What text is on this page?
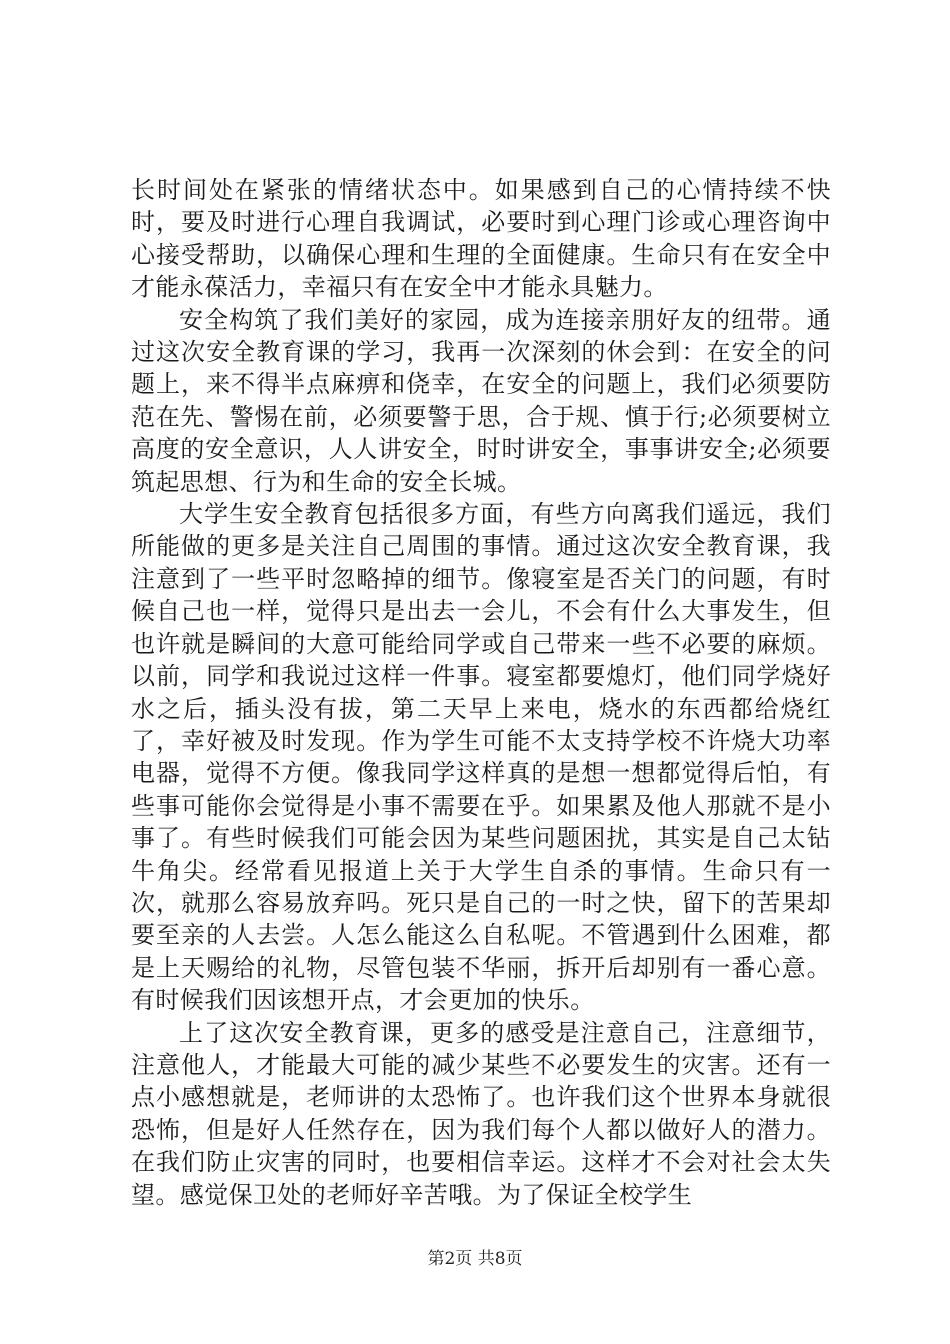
长时间处在紧张的情绪状态中。如果感到自己的心情持续不快时，要及时进行心理自我调试，必要时到心理门诊或心理咨询中心接受帮助，以确保心理和生理的全面健康。生命只有在安全中才能永葆活力，幸福只有在安全中才能永具魅力。

安全构筑了我们美好的家园，成为连接亲朋好友的纽带。通过这次安全教育课的学习，我再一次深刻的休会到：在安全的问题上，来不得半点麻痹和侥幸，在安全的问题上，我们必须要防范在先、警惕在前，必须要警于思，合于规、慎于行;必须要树立高度的安全意识，人人讲安全，时时讲安全，事事讲安全;必须要筑起思想、行为和生命的安全长城。

大学生安全教育包括很多方面，有些方向离我们遥远，我们所能做的更多是关注自己周围的事情。通过这次安全教育课，我注意到了一些平时忽略掉的细节。像寝室是否关门的问题，有时候自己也一样，觉得只是出去一会儿，不会有什么大事发生，但也许就是瞬间的大意可能给同学或自己带来一些不必要的麻烦。以前，同学和我说过这样一件事。寝室都要熄灯，他们同学烧好水之后，插头没有拔，第二天早上来电，烧水的东西都给烧红了，幸好被及时发现。作为学生可能不太支持学校不许烧大功率电器，觉得不方便。像我同学这样真的是想一想都觉得后怕，有些事可能你会觉得是小事不需要在乎。如果累及他人那就不是小事了。有些时候我们可能会因为某些问题困扰，其实是自己太钻牛角尖。经常看见报道上关于大学生自杀的事情。生命只有一次，就那么容易放弃吗。死只是自己的一时之快，留下的苦果却要至亲的人去尝。人怎么能这么自私呢。不管遇到什么困难，都是上天赐给的礼物，尽管包装不华丽，拆开后却别有一番心意。有时候我们因该想开点，才会更加的快乐。

上了这次安全教育课，更多的感受是注意自己，注意细节，注意他人，才能最大可能的减少某些不必要发生的灾害。还有一点小感想就是，老师讲的太恐怖了。也许我们这个世界本身就很恐怖，但是好人任然存在，因为我们每个人都以做好人的潜力。在我们防止灾害的同时，也要相信幸运。这样才不会对社会太失望。感觉保卫处的老师好辛苦哦。为了保证全校学生

第2页 共8页
